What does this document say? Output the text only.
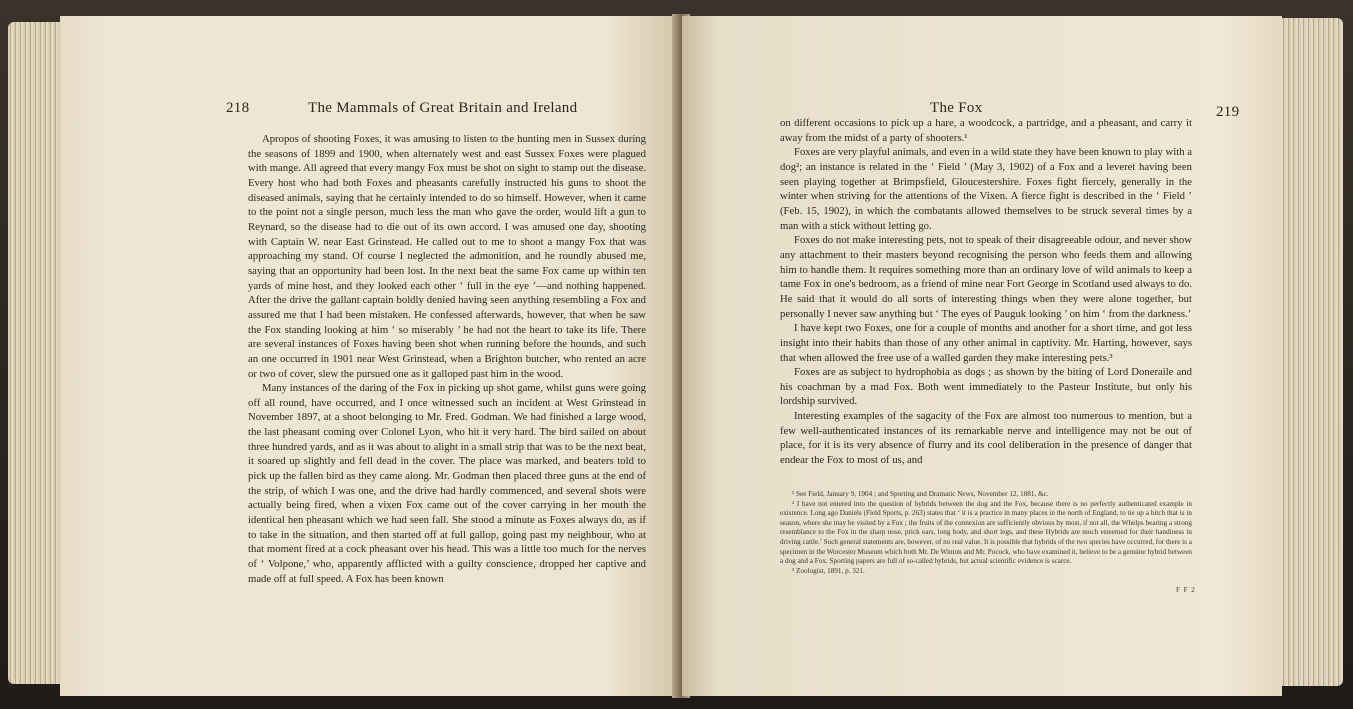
218	The Mammals of Great Britain and Ireland

Apropos of shooting Foxes, it was amusing to listen to the hunting men in Sussex during the seasons of 1899 and 1900, when alternately west and east Sussex Foxes were plagued with mange. All agreed that every mangy Fox must be shot on sight to stamp out the disease. Every host who had both Foxes and pheasants carefully instructed his guns to shoot the diseased animals, saying that he certainly intended to do so himself. However, when it came to the point not a single person, much less the man who gave the order, would lift a gun to Reynard, so the disease had to die out of its own accord. I was amused one day, shooting with Captain W. near East Grinstead. He called out to me to shoot a mangy Fox that was approaching my stand. Of course I neglected the admonition, and he roundly abused me, saying that an opportunity had been lost. In the next beat the same Fox came up within ten yards of mine host, and they looked each other ‘ full in the eye ’—and nothing happened. After the drive the gallant captain boldly denied having seen anything resembling a Fox and assured me that I had been mistaken. He confessed afterwards, however, that when he saw the Fox standing looking at him ‘ so miserably ’ he had not the heart to take its life. There are several instances of Foxes having been shot when running before the hounds, and such an one occurred in 1901 near West Grinstead, when a Brighton butcher, who rented an acre or two of cover, slew the pursued one as it galloped past him in the wood.

Many instances of the daring of the Fox in picking up shot game, whilst guns were going off all round, have occurred, and I once witnessed such an incident at West Grinstead in November 1897, at a shoot belonging to Mr. Fred. Godman. We had finished a large wood, the last pheasant coming over Colonel Lyon, who hit it very hard. The bird sailed on about three hundred yards, and as it was about to alight in a small strip that was to be the next beat, it soared up slightly and fell dead in the cover. The place was marked, and beaters told to pick up the fallen bird as they came along. Mr. Godman then placed three guns at the end of the strip, of which I was one, and the drive had hardly commenced, and several shots were actually being fired, when a vixen Fox came out of the cover carrying in her mouth the identical hen pheasant which we had seen fall. She stood a minute as Foxes always do, as if to take in the situation, and then started off at full gallop, going past my neighbour, who at that moment fired at a cock pheasant over his head. This was a little too much for the nerves of ‘ Volpone,’ who, apparently afflicted with a guilty conscience, dropped her captive and made off at full speed. A Fox has been known

The Fox	219

on different occasions to pick up a hare, a woodcock, a partridge, and a pheasant, and carry it away from the midst of a party of shooters.¹

Foxes are very playful animals, and even in a wild state they have been known to play with a dog²; an instance is related in the ‘ Field ’ (May 3, 1902) of a Fox and a leveret having been seen playing together at Brimpsfield, Gloucestershire. Foxes fight fiercely, generally in the winter when striving for the attentions of the Vixen. A fierce fight is described in the ‘ Field ’ (Feb. 15, 1902), in which the combatants allowed themselves to be struck several times by a man with a stick without letting go.

Foxes do not make interesting pets, not to speak of their disagreeable odour, and never show any attachment to their masters beyond recognising the person who feeds them and allowing him to handle them. It requires something more than an ordinary love of wild animals to keep a tame Fox in one's bedroom, as a friend of mine near Fort George in Scotland used always to do. He said that it would do all sorts of interesting things when they were alone together, but personally I never saw anything but ‘ The eyes of Pauguk looking ’ on him ‘ from the darkness.’

I have kept two Foxes, one for a couple of months and another for a short time, and got less insight into their habits than those of any other animal in captivity. Mr. Harting, however, says that when allowed the free use of a walled garden they make interesting pets.³

Foxes are as subject to hydrophobia as dogs ; as shown by the biting of Lord Doneraile and his coachman by a mad Fox. Both went immediately to the Pasteur Institute, but only his lordship survived.

Interesting examples of the sagacity of the Fox are almost too numerous to mention, but a few well-authenticated instances of its remarkable nerve and intelligence may not be out of place, for it is its very absence of flurry and its cool deliberation in the presence of danger that endear the Fox to most of us, and

¹ See Field, January 9, 1904 ; and Sporting and Dramatic News, November 12, 1881, &c.

² I have not entered into the question of hybrids between the dog and the Fox, because there is no perfectly authenticated example in existence. Long ago Daniels (Field Sports, p. 263) states that ‘ it is a practice in many places in the north of England, to tie up a bitch that is in season, where she may be visited by a Fox ; the fruits of the connexion are sufficiently obvious by most, if not all, the Whelps bearing a strong resemblance to the Fox in the sharp nose, prick ears, long body, and short legs, and these Hybrids are much esteemed for their handiness in driving cattle.’ Such general statements are, however, of no real value. It is possible that hybrids of the two species have occurred, for there is a specimen in the Worcester Museum which both Mr. De Winton and Mr. Pocock, who have examined it, believe to be a genuine hybrid between a dog and a Fox. Sporting papers are full of so-called hybrids, but actual scientific evidence is scarce.

³ Zoologist, 1891, p. 321.

F F 2
